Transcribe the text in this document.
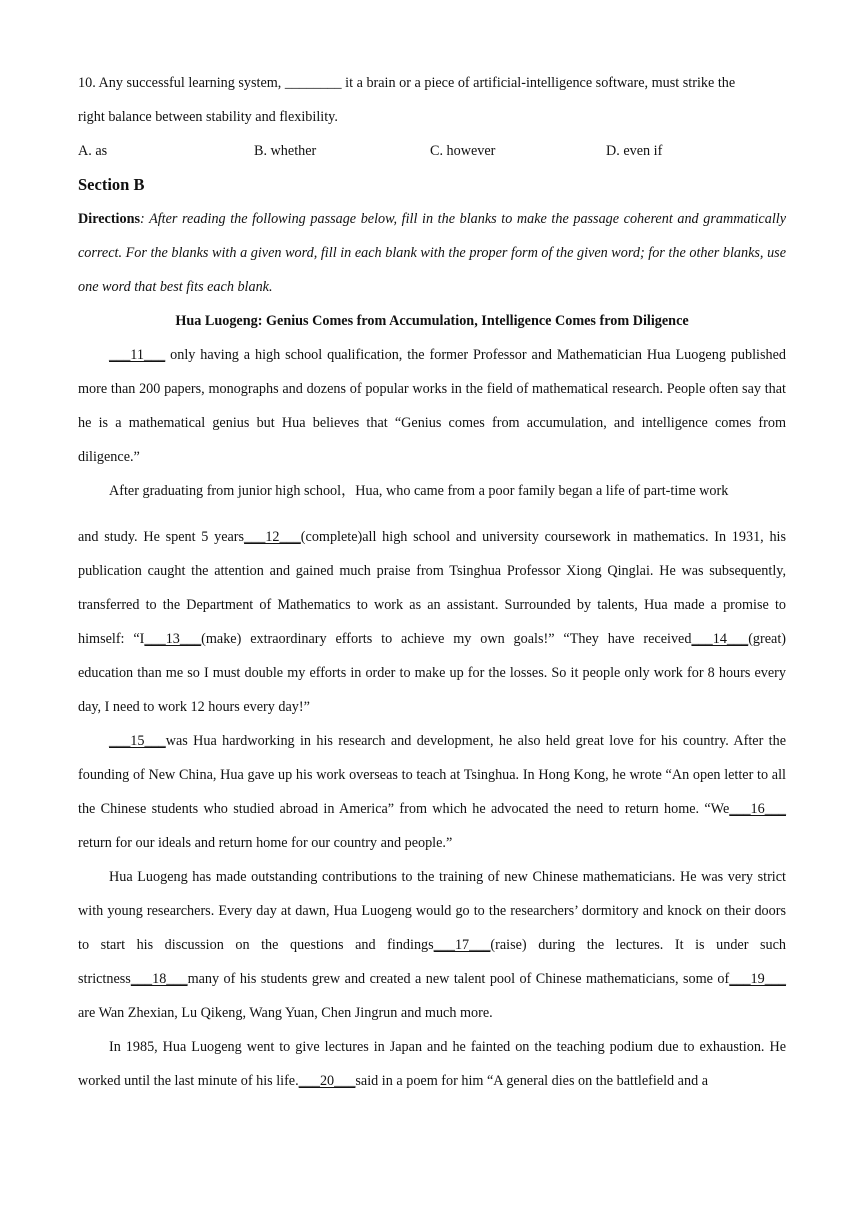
10. Any successful learning system, ________ it a brain or a piece of artificial-intelligence software, must strike the
right balance between stability and flexibility.

A. as	B. whether	C. however	D. even if
Section B

Directions: After reading the following passage below, fill in the blanks to make the passage coherent and grammatically correct. For the blanks with a given word, fill in each blank with the proper form of the given word; for the other blanks, use one word that best fits each blank.

Hua Luogeng: Genius Comes from Accumulation, Intelligence Comes from Diligence

___11___ only having a high school qualification, the former Professor and Mathematician Hua Luogeng published more than 200 papers, monographs and dozens of popular works in the field of mathematical research. People often say that he is a mathematical genius but Hua believes that “Genius comes from accumulation, and intelligence comes from diligence.”

After graduating from junior high school，Hua, who came from a poor family began a life of part-time work

and study. He spent 5 years___12___(complete)all high school and university coursework in mathematics. In 1931, his publication caught the attention and gained much praise from Tsinghua Professor Xiong Qinglai. He was subsequently, transferred to the Department of Mathematics to work as an assistant. Surrounded by talents, Hua made a promise to himself: “I___13___(make) extraordinary efforts to achieve my own goals!” “They have received___14___(great) education than me so I must double my efforts in order to make up for the losses. So it people only work for 8 hours every day, I need to work 12 hours every day!”

___15___was Hua hardworking in his research and development, he also held great love for his country. After the founding of New China, Hua gave up his work overseas to teach at Tsinghua. In Hong Kong, he wrote “An open letter to all the Chinese students who studied abroad in America” from which he advocated the need to return home. “We___16___ return for our ideals and return home for our country and people.”

Hua Luogeng has made outstanding contributions to the training of new Chinese mathematicians. He was very strict with young researchers. Every day at dawn, Hua Luogeng would go to the researchers’ dormitory and knock on their doors to start his discussion on the questions and findings___17___(raise) during the lectures. It is under such strictness___18___many of his students grew and created a new talent pool of Chinese mathematicians, some of___19___ are Wan Zhexian, Lu Qikeng, Wang Yuan, Chen Jingrun and much more.

In 1985, Hua Luogeng went to give lectures in Japan and he fainted on the teaching podium due to exhaustion. He worked until the last minute of his life.___20___said in a poem for him “A general dies on the battlefield and a
